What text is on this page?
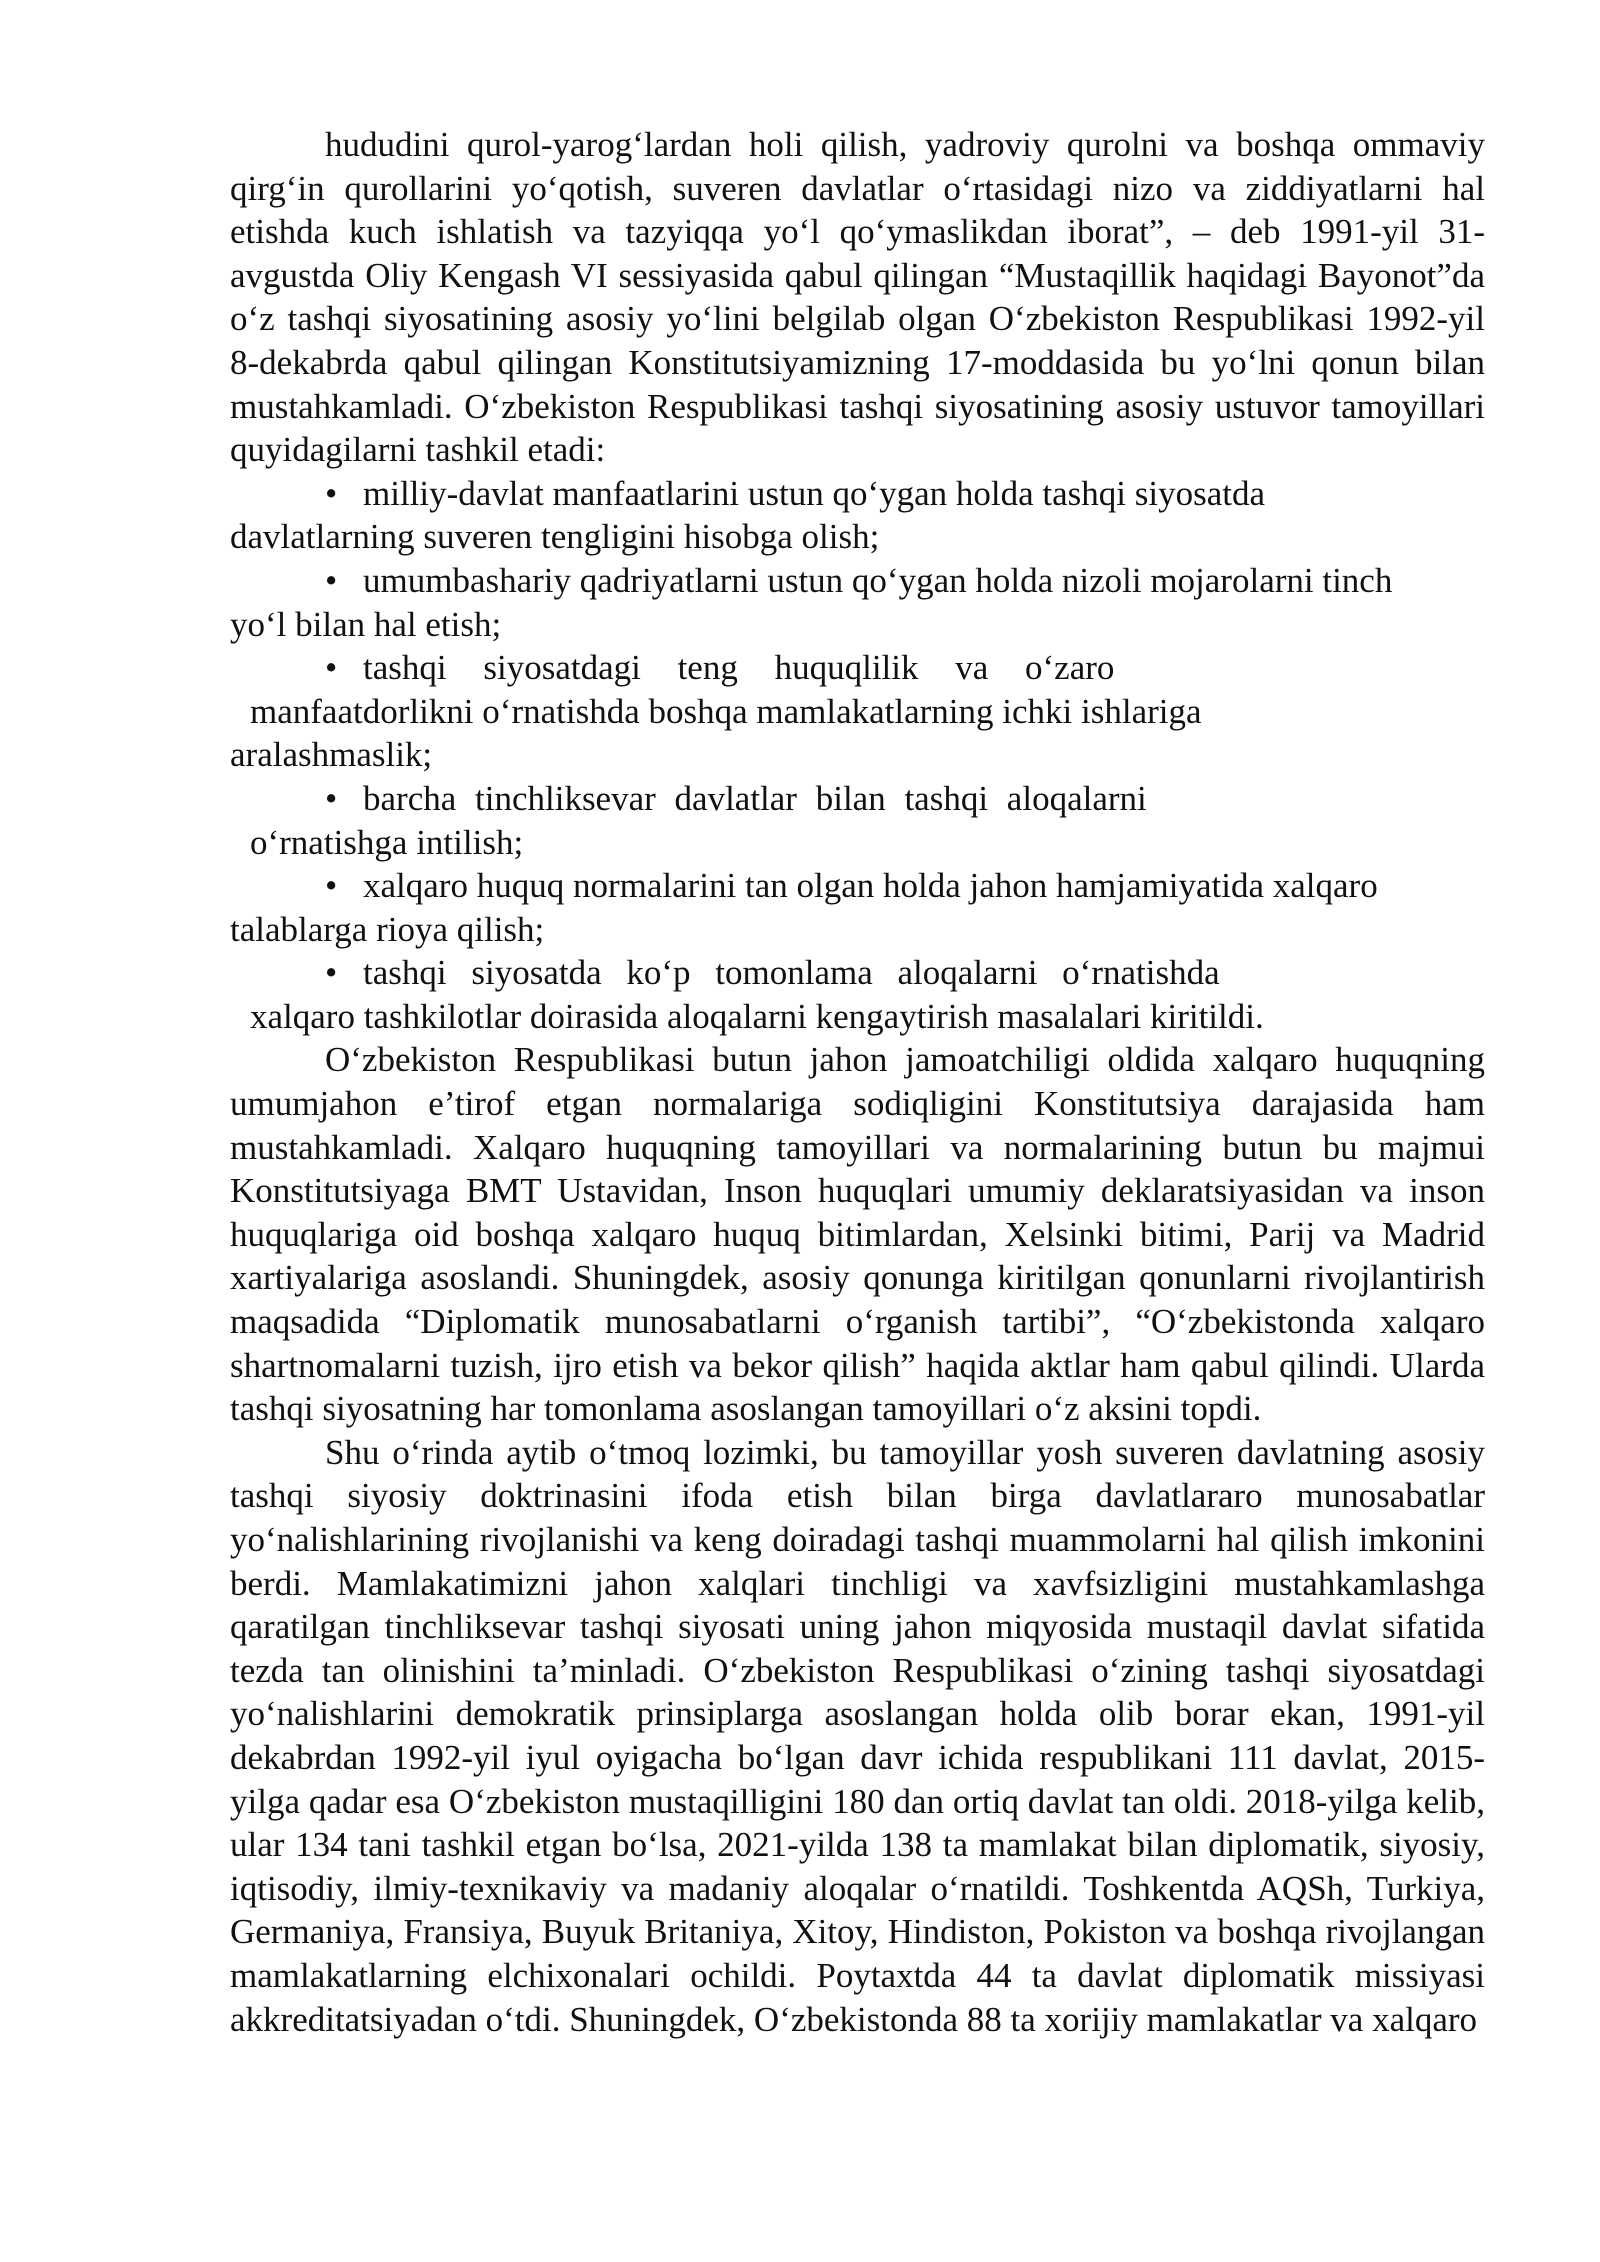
hududini qurol-yarog‘lardan holi qilish, yadroviy qurolni va boshqa ommaviy qirg‘in qurollarini yo‘qotish, suveren davlatlar o‘rtasidagi nizo va ziddiyatlarni hal etishda kuch ishlatish va tazyiqqa yo‘l qo‘ymaslikdan iborat”, – deb 1991-yil 31-avgustda Oliy Kengash VI sessiyasida qabul qilingan “Mustaqillik haqidagi Bayonot”da o‘z tashqi siyosatining asosiy yo‘lini belgilab olgan O‘zbekiston Respublikasi 1992-yil 8-dekabrda qabul qilingan Konstitutsiyamizning 17-moddasida bu yo‘lni qonun bilan mustahkamladi. O‘zbekiston Respublikasi tashqi siyosatining asosiy ustuvor tamoyillari quyidagilarni tashkil etadi:

• milliy-davlat manfaatlarini ustun qo‘ygan holda tashqi siyosatda

davlatlarning suveren tengligini hisobga olish;

• umumbashariy qadriyatlarni ustun qo‘ygan holda nizoli mojarolarni tinch

yo‘l bilan hal etish;

• tashqi siyosatdagi teng huquqlilik va o‘zaro

manfaatdorlikni o‘rnatishda boshqa mamlakatlarning ichki ishlariga

aralashmaslik;

• barcha tinchliksevar davlatlar bilan tashqi aloqalarni

o‘rnatishga intilish;

• xalqaro huquq normalarini tan olgan holda jahon hamjamiyatida xalqaro

talablarga rioya qilish;

• tashqi siyosatda ko‘p tomonlama aloqalarni o‘rnatishda

xalqaro tashkilotlar doirasida aloqalarni kengaytirish masalalari kiritildi.

O‘zbekiston Respublikasi butun jahon jamoatchiligi oldida xalqaro huquqning umumjahon e’tirof etgan normalariga sodiqligini Konstitutsiya darajasida ham mustahkamladi. Xalqaro huquqning tamoyillari va normalarining butun bu majmui Konstitutsiyaga BMT Ustavidan, Inson huquqlari umumiy deklaratsiyasidan va inson huquqlariga oid boshqa xalqaro huquq bitimlardan, Xelsinki bitimi, Parij va Madrid xartiyalariga asoslandi. Shuningdek, asosiy qonunga kiritilgan qonunlarni rivojlantirish maqsadida “Diplomatik munosabatlarni o‘rganish tartibi”, “O‘zbekistonda xalqaro shartnomalarni tuzish, ijro etish va bekor qilish” haqida aktlar ham qabul qilindi. Ularda tashqi siyosatning har tomonlama asoslangan tamoyillari o‘z aksini topdi.

Shu o‘rinda aytib o‘tmoq lozimki, bu tamoyillar yosh suveren davlatning asosiy tashqi siyosiy doktrinasini ifoda etish bilan birga davlatlararo munosabatlar yo‘nalishlarining rivojlanishi va keng doiradagi tashqi muammolarni hal qilish imkonini berdi. Mamlakatimizni jahon xalqlari tinchligi va xavfsizligini mustahkamlashga qaratilgan tinchliksevar tashqi siyosati uning jahon miqyosida mustaqil davlat sifatida tezda tan olinishini ta’minladi. O‘zbekiston Respublikasi o‘zining tashqi siyosatdagi yo‘nalishlarini demokratik prinsiplarga asoslangan holda olib borar ekan, 1991-yil dekabrdan 1992-yil iyul oyigacha bo‘lgan davr ichida respublikani 111 davlat, 2015-yilga qadar esa O‘zbekiston mustaqilligini 180 dan ortiq davlat tan oldi. 2018-yilga kelib, ular 134 tani tashkil etgan bo‘lsa, 2021-yilda 138 ta mamlakat bilan diplomatik, siyosiy, iqtisodiy, ilmiy-texnikaviy va madaniy aloqalar o‘rnatildi. Toshkentda AQSh, Turkiya, Germaniya, Fransiya, Buyuk Britaniya, Xitoy, Hindiston, Pokiston va boshqa rivojlangan mamlakatlarning elchixonalari ochildi. Poytaxtda 44 ta davlat diplomatik missiyasi akkreditatsiyadan o‘tdi. Shuningdek, O‘zbekistonda 88 ta xorijiy mamlakatlar va xalqaro
